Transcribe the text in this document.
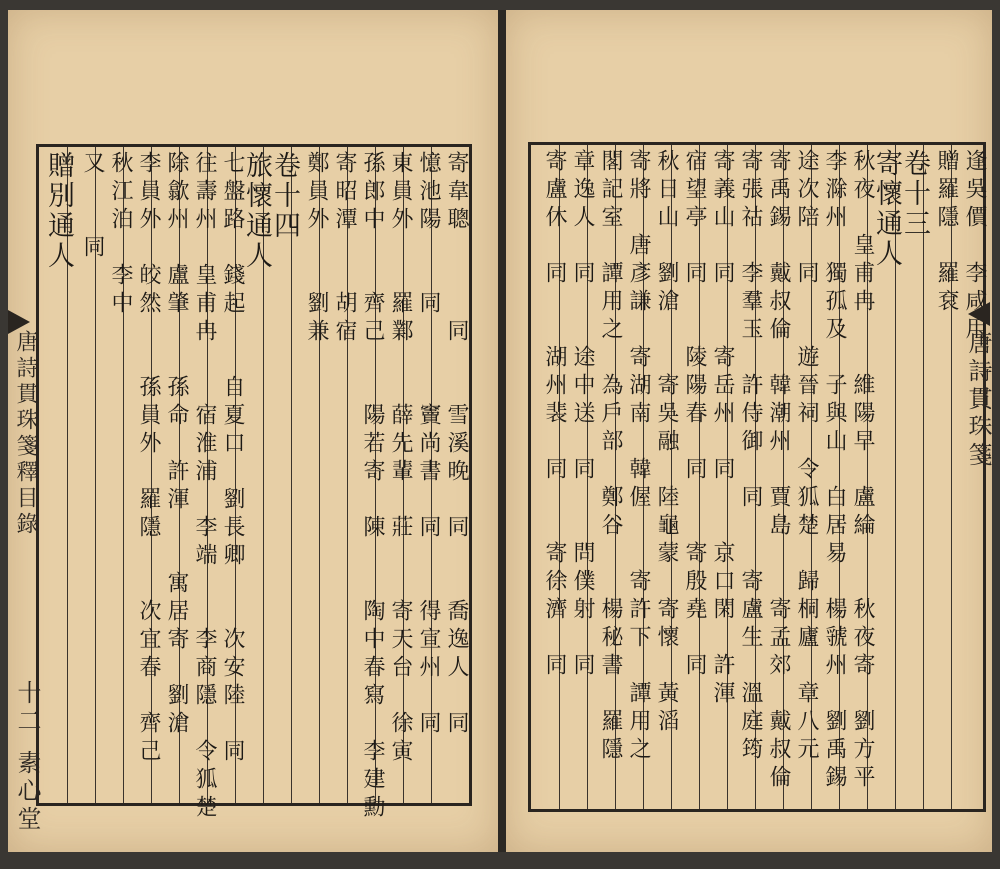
寄韋聰　　　同　　雪溪晚　同　　喬逸人　同
憶池陽　　同　　　竇尚書　同　　得宣州　同
東員外　　羅鄴　　薛先輩　莊　　寄天台　徐寅
孫郎中　　齊己　　陽若寄　陳　　陶中春寫　李建勳
寄昭潭　　胡宿
鄭員外　　劉兼
卷十四
旅懷通人
七盤路　錢起　　自夏口　劉長卿　　次安陸　同
往壽州　皇甫冉　　宿淮浦　李端　　李商隱　令狐楚
除歙州　盧肇　　孫命　許渾　　寓居寄　劉滄
李員外　皎然　　孫員外　羅隱　　次宜春　齊己
秋江泊　李中
又　　同
贈別通人
唐詩貫珠箋釋目錄
十二
素心堂
逢吳價　李咸用
贈羅隱　羅袞
卷十三
寄懷通人
秋夜　皇甫冉　　維陽早　盧綸　　秋夜寄　劉方平
李滁州　獨孤及　子與山　白居易　楊虢州　劉禹錫
途次陪　同　　遊晉祠　令狐楚　歸桐廬　章八元
寄禹錫　戴叔倫　韓潮州　賈島　　寄孟郊　戴叔倫
寄張祜　李羣玉　許侍御　同　　寄盧生　溫庭筠
寄義山　同　　寄岳州　同　　京口閑　許渾
宿望亭　同　　陵陽春　同　　寄殷堯　同
秋日山　劉滄　　寄吳融　陸龜蒙　寄懷　黃滔
寄將　唐彥謙　寄湖南　韓偓　　寄許下　譚用之
閣記室　譚用之　為戶部　鄭谷　　楊秘書　羅隱
章逸人　同　　途中送　同　　問僕射　同
寄盧休　同　　湖州裴　同　　寄徐濟　同	唐詩貫珠箋
